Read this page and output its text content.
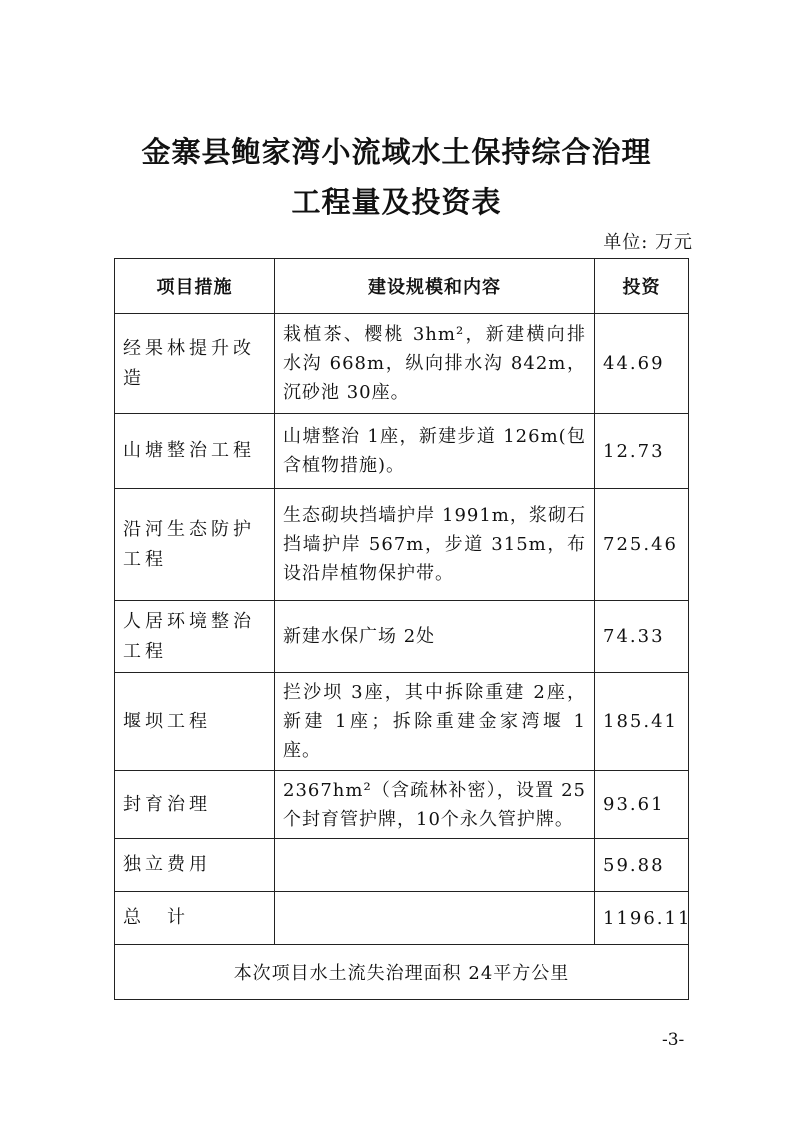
金寨县鲍家湾小流域水土保持综合治理
工程量及投资表
单位: 万元
项目措施	建设规模和内容	投资
经果林提升改造	栽植茶、樱桃 3hm²，新建横向排水沟 668m，纵向排水沟 842m，沉砂池 30座。	44.69
山塘整治工程	山塘整治 1座，新建步道 126m(包含植物措施)。	12.73
沿河生态防护工程	生态砌块挡墙护岸 1991m，浆砌石挡墙护岸 567m，步道 315m，布设沿岸植物保护带。	725.46
人居环境整治工程	新建水保广场 2处	74.33
堰坝工程	拦沙坝 3座，其中拆除重建 2座，新建 1座；拆除重建金家湾堰 1座。	185.41
封育治理	2367hm²（含疏林补密），设置 25个封育管护牌，10个永久管护牌。	93.61
独立费用		59.88
总　计		1196.11
本次项目水土流失治理面积 24平方公里		
-3-
